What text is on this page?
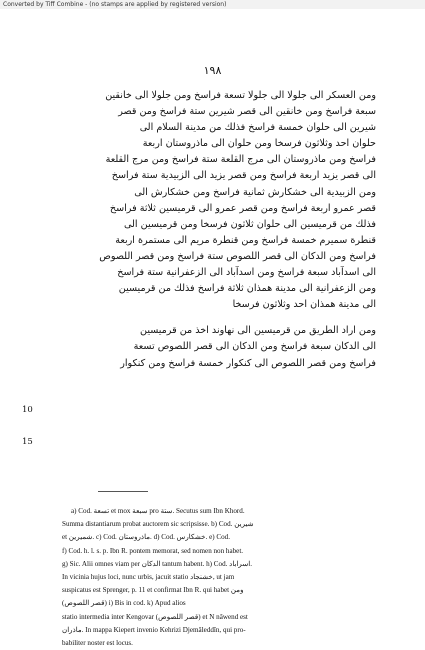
Converted by Tiff Combine - (no stamps are applied by registered version)
١٩٨
10
15
ومن العسكر الى جلولا الى جلولا تسعة فراسخ ومن جلولا الى خانقين
سبعة فراسخ ومن خانقين الى قصر شيرين ستة فراسخ ومن قصر
شيرين الى حلوان خمسة فراسخ فذلك من مدينة السلام الى
حلوان احد وثلاثون فرسخا ومن حلوان الى ماذروستان اربعة
فراسخ ومن ماذروستان الى مرج القلعة ستة فراسخ ومن مرج القلعة
الى قصر يزيد اربعة فراسخ ومن قصر يزيد الى الزبيدية ستة فراسخ
ومن الزبيدية الى خشكارش ثمانية فراسخ ومن خشكارش الى
قصر عمرو اربعة فراسخ ومن قصر عمرو الى قرميسين ثلاثة فراسخ
فذلك من قرميسين الى حلوان ثلاثون فرسخا ومن قرميسين الى
قنطرة سميرم خمسة فراسخ ومن قنطرة مريم الى مستمرة اربعة
فراسخ ومن الدكان الى قصر اللصوص ستة فراسخ ومن قصر اللصوص
الى اسدآباد سبعة فراسخ ومن اسدآباد الى الزعفرانية ستة فراسخ
ومن الزعفرانية الى مدينة همذان ثلاثة فراسخ فذلك من قرميسين
الى مدينة همذان احد وثلاثون فرسخا
ومن اراد الطريق من قرميسين الى نهاوند اخذ من قرميسين
الى الدكان سبعة فراسخ ومن الدكان الى قصر اللصوص تسعة
فراسخ ومن قصر اللصوص الى كنكوار خمسة فراسخ ومن كنكوار
a) Cod. تسعة et mox سبعة pro ستة. Secutus sum Ibn Khord.
Summa distantiarum probat auctorem sic scripsisse. b) Cod. شيرين
et شميرين. c) Cod. ماذروستان. d) Cod. خشكارس. e) Cod.
f) Cod. h. l. s. p. Ibn R. pontem memorat, sed nomen non habet.
g) Sic. Alii omnes viam per الدكان tantum habent. h) Cod. اسراباد.
In vicinia hujus loci, nunc urbis, jacuit statio خشنجاد, ut jam
suspicatus est Sprenger, p. 11 et confirmat Ibn R. qui habet ومن
(قصر اللصوص) i) Bis in cod. k) Apud alios
statio intermedia inter Kengovar (قصر اللصوص) et N nâwend est
ماذران. In mappa Kiepert invenio Kehrizi Djemâleddîn, qui pro-
babiliter noster est locus.
